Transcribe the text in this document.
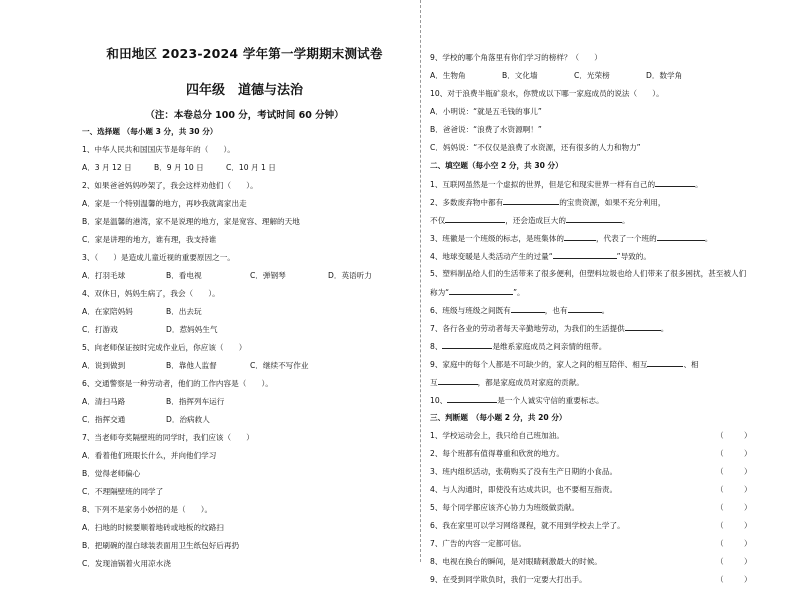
和田地区 2023-2024 学年第一学期期末测试卷
四年级　道德与法治
（注：本卷总分 100 分，考试时间 60 分钟）
一、选择题 （每小题 3 分，共 30 分）
1、中华人民共和国国庆节是每年的（　　）。
A．3 月 12 日	B．9 月 10 日	C．10 月 1 日
2、如果爸爸妈妈吵架了，我会这样劝他们（　　）。
A．家是一个特别温馨的地方，再吵我就离家出走
B．家是温馨的港湾，家不是说理的地方，家是宽容、理解的天地
C．家是讲理的地方，谁有理，我支持谁
3、（　　）是造成儿童近视的重要原因之一。
A．打羽毛球	B．看电视	C．弹钢琴	D．英语听力
4、双休日，妈妈生病了，我会（　　）。
A．在家陪妈妈	B．出去玩
C．打游戏	D．惹妈妈生气
5、向老师保证按时完成作业后，你应该（　　）
A．说到做到	B．靠他人监督	C．继续不写作业
6、交通警察是一种劳动者，他们的工作内容是（　　）。
A．清扫马路	B．指挥列车运行
C．指挥交通	D．治病救人
7、当老师夸奖隔壁班的同学时，我们应该（　　）
A．看着他们班眼长什么，并向他们学习
B．觉得老师偏心
C．不理隔壁班的同学了
8、下列不是家务小妙招的是（　　）。
A．扫地的时候要顺着地砖或地板的纹路扫
B．把刷碗的湿白球装表面用卫生纸包好后再扔
C．发现油锅着火用凉水浇
9、学校的哪个角落里有你们学习的榜样？（　　）
A．生物角	B．文化墙	C．光荣榜	D．数学角
10、对于浪费半瓶矿泉水，你赞成以下哪一家庭成员的说法（　　）。
A．小明说：“就是五毛钱的事儿”
B．爸爸说：“浪费了水资源啊！”
C．妈妈说：“不仅仅是浪费了水资源，还有很多的人力和物力”
二、填空题（每小空 2 分，共 30 分）
1、互联网虽然是一个虚拟的世界，但是它和现实世界一样有自己的	。
2、多数废弃物中都有	的宝贵资源，如果不充分利用，
不仅	，还会造成巨大的	。
3、班徽是一个班级的标志，是班集体的	，代表了一个班的	。
4、地球变暖是人类活动产生的过量“	”导致的。
5、塑料制品给人们的生活带来了很多便利，但塑料垃圾也给人们带来了很多困扰，甚至被人们
称为“	”。
6、班级与班级之间既有	，也有	。
7、各行各业的劳动者每天辛勤地劳动，为我们的生活提供	。
8、	是维系家庭成员之间亲情的纽带。
9、家庭中的每个人都是不可缺少的，家人之间的相互陪伴、相互	、相
互	，都是家庭成员对家庭的贡献。
10、	是一个人诚实守信的重要标志。
三、判断题　（每小题 2 分，共 20 分）
1、学校运动会上，我只给自己班加油。	（	）
2、每个班都有值得尊重和欣赏的地方。	（	）
3、班内组织活动，张萌购买了没有生产日期的小食品。	（	）
4、与人沟通时，即使没有达成共识，也不要相互指责。	（	）
5、每个同学都应该齐心协力为班级做贡献。	（	）
6、我在家里可以学习网络课程，就不用到学校去上学了。	（	）
7、广告的内容一定都可信。	（	）
8、电视在换台的瞬间，是对眼睛刺激最大的时候。	（	）
9、在受到同学欺负时，我们一定要大打出手。	（	）
